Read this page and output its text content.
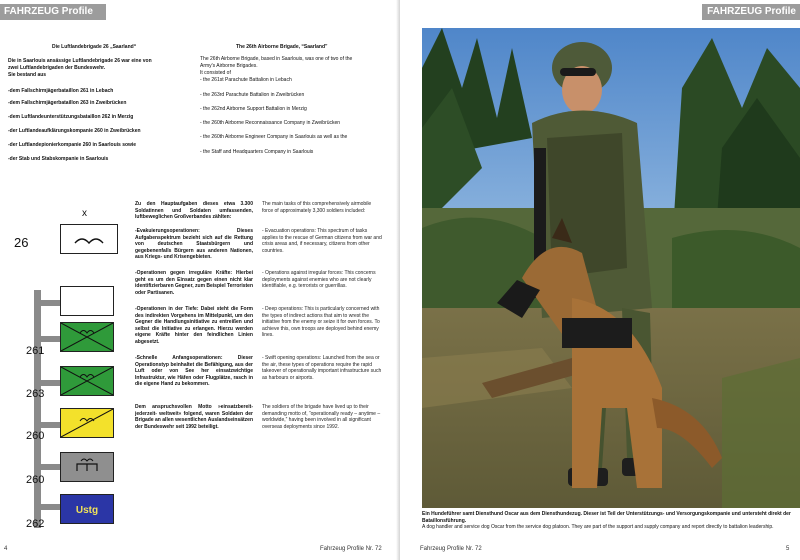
FAHRZEUG Profile
Die Luftlandebrigade 26 „Saarland“
Die in Saarlouis ansässige Luftlandebrigade 26 war eine von
zwei Luftlandebrigaden der Bundeswehr.
Sie bestand aus
-dem Fallschirmjägerbataillon 261 in Lebach
-dem Fallschirmjägerbataillon 263 in Zweibrücken
-dem Luftlandeunterstützungsbataillon 262 in Merzig
-der Luftlandeaufklärungskompanie 260 in Zweibrücken
-der Luftlandepionierkompanie 260 in Saarlouis sowie
-der Stab und Stabskompanie in Saarlouis
The 26th Airborne Brigade, “Saarland”
The 26th Airborne Brigade, based in Saarlouis, was one of two of the
Army's Airborne Brigades.
It consisted of
- the 261st Parachute Battalion in Lebach
- the 263rd Parachute Battalion in Zweibrücken
- the 262nd Airborne Support Battalion in Merzig
- the 260th Airborne Reconnaissance Company in Zweibrücken
- the 260th Airborne Engineer Company in Saarlouis as well as the
- the Staff and Headquarters Company in Saarlouis
Zu den Hauptaufgaben dieses etwa 3.300 Soldatinnen und Soldaten umfassenden, luftbeweglichen Großverbandes zählten:
-Evakuierungsoperationen: Dieses Aufgabenspektrum bezieht sich auf die Rettung von deutschen Staatsbürgern und gegebenenfalls Bürgern aus anderen Nationen, aus Kriegs- und Krisengebieten.
-Operationen gegen irreguläre Kräfte: Hierbei geht es um den Einsatz gegen einen nicht klar identifizierbaren Gegner, zum Beispiel Terroristen oder Partisanen.
-Operationen in der Tiefe: Dabei steht die Form des indirekten Vorgehens im Mittelpunkt, um den Gegner die Handlungsinitiative zu entreißen und selbst die Initiative zu erlangen. Hierzu werden eigene Kräfte hinter den feindlichen Linien abgesetzt.
-Schnelle Anfangsoperationen: Dieser Operationstyp beinhaltet die Befähigung, aus der Luft oder von See her einsatzwichtige Infrastruktur, wie Häfen oder Flugplätze, rasch in die eigene Hand zu bekommen.
Dem anspruchsvollen Motto »einsatzbereit- jederzeit- weltweit« folgend, waren Soldaten der Brigade an allen wesentlichen Auslandseinsätzen der Bundeswehr seit 1992 beteiligt.
The main tasks of this comprehensively airmobile force of approximately 3,300 soldiers included:
- Evacuation operations: This spectrum of tasks applies to the rescue of German citizens from war and crisis areas and, if necessary, citizens from other countries.
- Operations against irregular forces: This concerns deployments against enemies who are not clearly identifiable, e.g. terrorists or guerrillas.
- Deep operations: This is particularly concerned with the types of indirect actions that aim to wrest the initiative from the enemy or seize it for own forces. To achieve this, own troops are deployed behind enemy lines.
- Swift opening operations: Launched from the sea or the air, these types of operations require the rapid takeover of operationally important infrastructure such as harbours or airports.
The soldiers of the brigade have lived up to their demanding motto of, “operationally ready – anytime – worldwide,” having been involved in all significant overseas deployments since 1992.
x
26
261
263
260
260
262
Ustg
4	Fahrzeug Profile Nr. 72
FAHRZEUG Profile
Ein Hundeführer samt Diensthund Oscar aus dem Diensthundezug. Dieser ist Teil der Unterstützungs- und Versorgungskompanie und untersteht direkt der Bataillonsführung.
A dog handler and service dog Oscar from the service dog platoon. They are part of the support and supply company and report directly to battalion leadership.
Fahrzeug Profile Nr. 72	5
